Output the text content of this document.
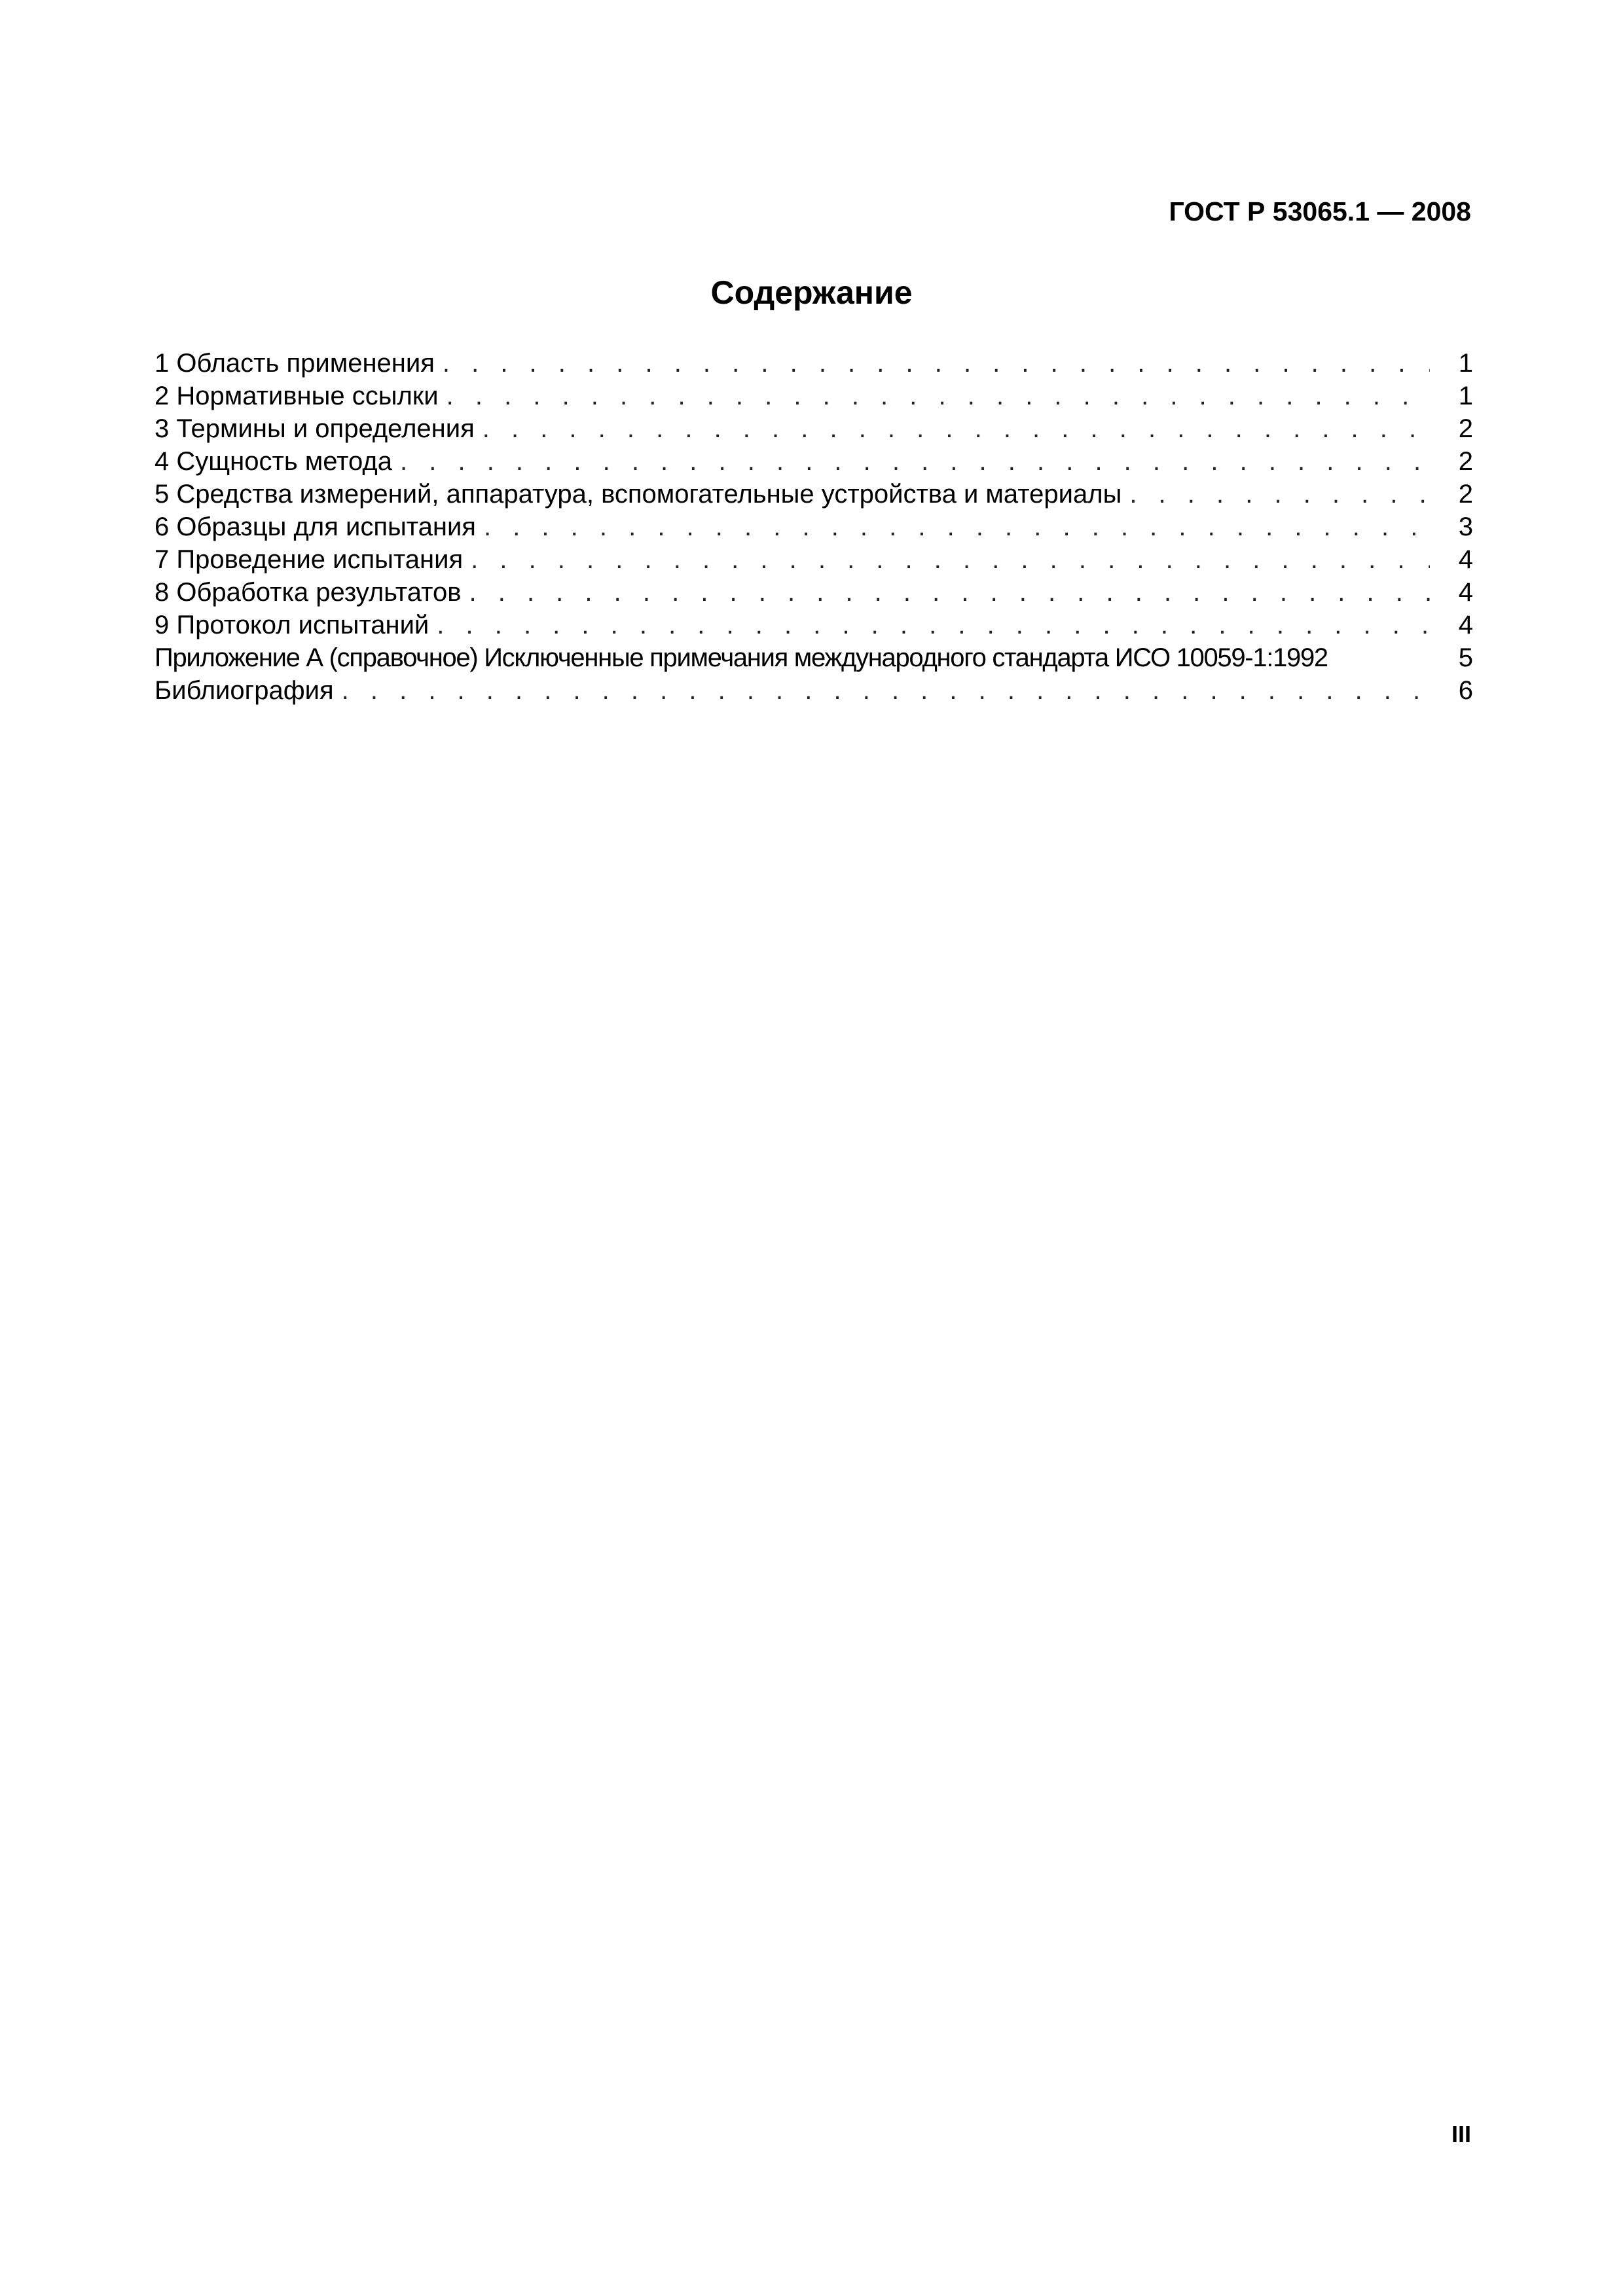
ГОСТ Р 53065.1 — 2008
Содержание
1 Область применения . . .	1
2 Нормативные ссылки . . .	1
3 Термины и определения . . .	2
4 Сущность метода . . .	2
5 Средства измерений, аппаратура, вспомогательные устройства и материалы . . .	2
6 Образцы для испытания . . .	3
7 Проведение испытания . . .	4
8 Обработка результатов . . .	4
9 Протокол испытаний . . .	4
Приложение А (справочное) Исключенные примечания международного стандарта ИСО 10059-1:1992	5
Библиография . . .	6
III
